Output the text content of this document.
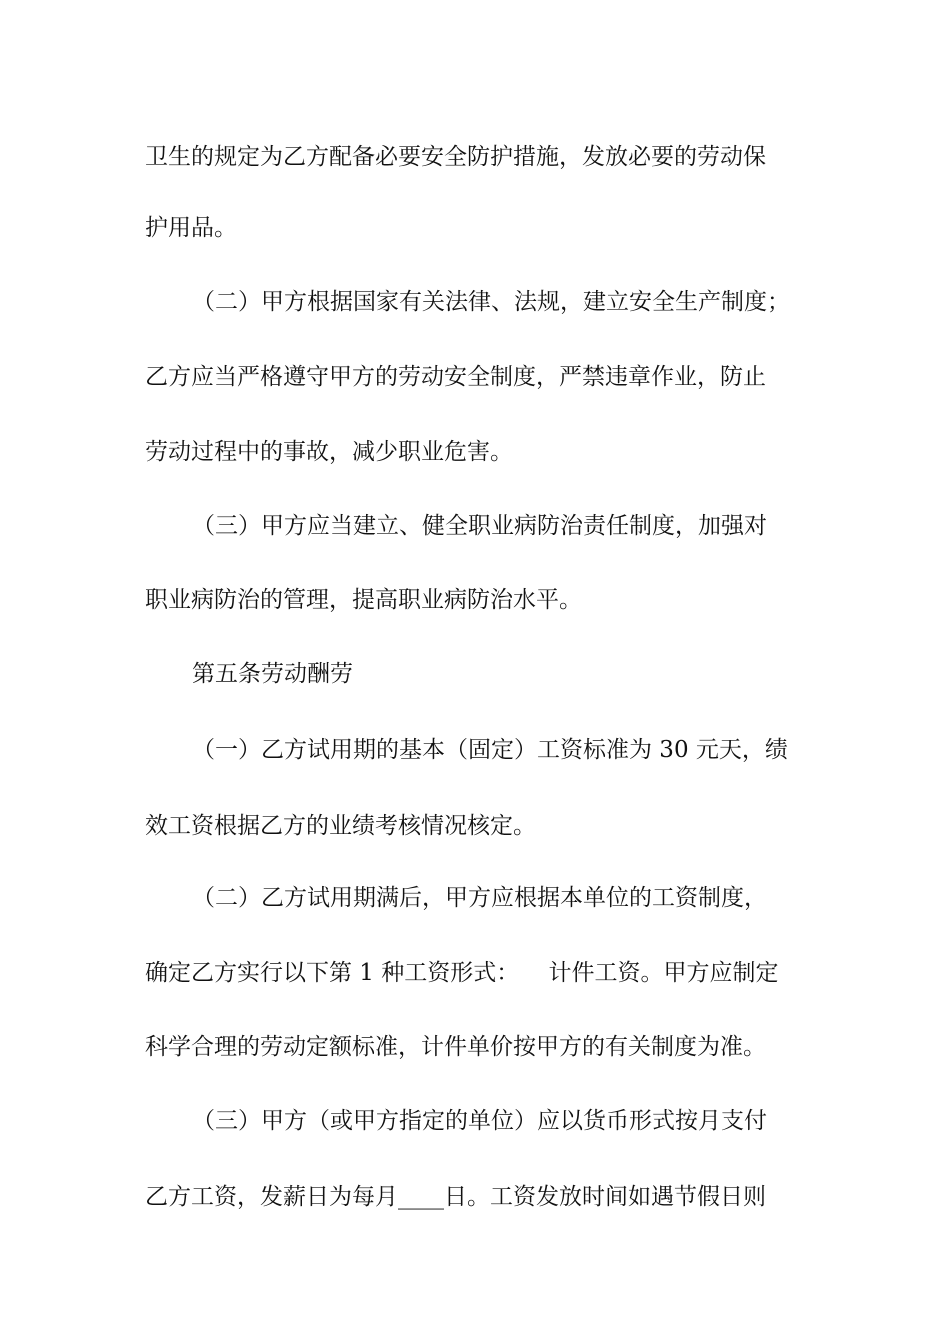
卫生的规定为乙方配备必要安全防护措施，发放必要的劳动保
护用品。
（二）甲方根据国家有关法律、法规，建立安全生产制度；
乙方应当严格遵守甲方的劳动安全制度，严禁违章作业，防止
劳动过程中的事故，减少职业危害。
（三）甲方应当建立、健全职业病防治责任制度，加强对
职业病防治的管理，提高职业病防治水平。
第五条劳动酬劳
（一）乙方试用期的基本（固定）工资标准为 30 元天，绩
效工资根据乙方的业绩考核情况核定。
（二）乙方试用期满后，甲方应根据本单位的工资制度，
确定乙方实行以下第 1 种工资形式：    计件工资。甲方应制定
科学合理的劳动定额标准，计件单价按甲方的有关制度为准。
（三）甲方（或甲方指定的单位）应以货币形式按月支付
乙方工资，发薪日为每月____日。工资发放时间如遇节假日则
